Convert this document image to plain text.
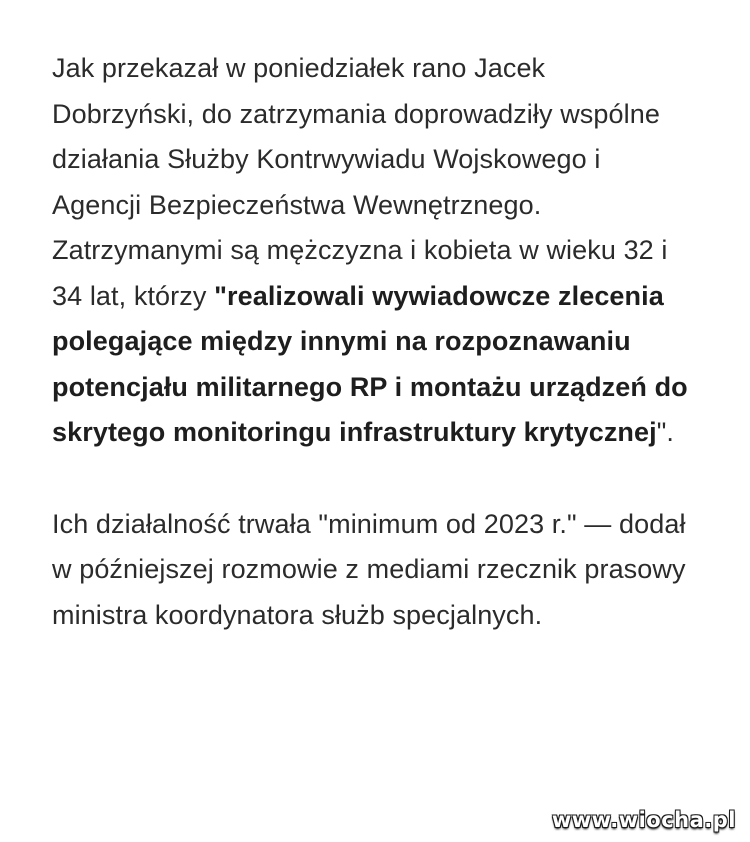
Jak przekazał w poniedziałek rano Jacek Dobrzyński, do zatrzymania doprowadziły wspólne działania Służby Kontrwywiadu Wojskowego i Agencji Bezpieczeństwa Wewnętrznego. Zatrzymanymi są mężczyzna i kobieta w wieku 32 i 34 lat, którzy "realizowali wywiadowcze zlecenia polegające między innymi na rozpoznawaniu potencjału militarnego RP i montażu urządzeń do skrytego monitoringu infrastruktury krytycznej".

Ich działalność trwała "minimum od 2023 r." — dodał w późniejszej rozmowie z mediami rzecznik prasowy ministra koordynatora służb specjalnych.

www.wiocha.pl
